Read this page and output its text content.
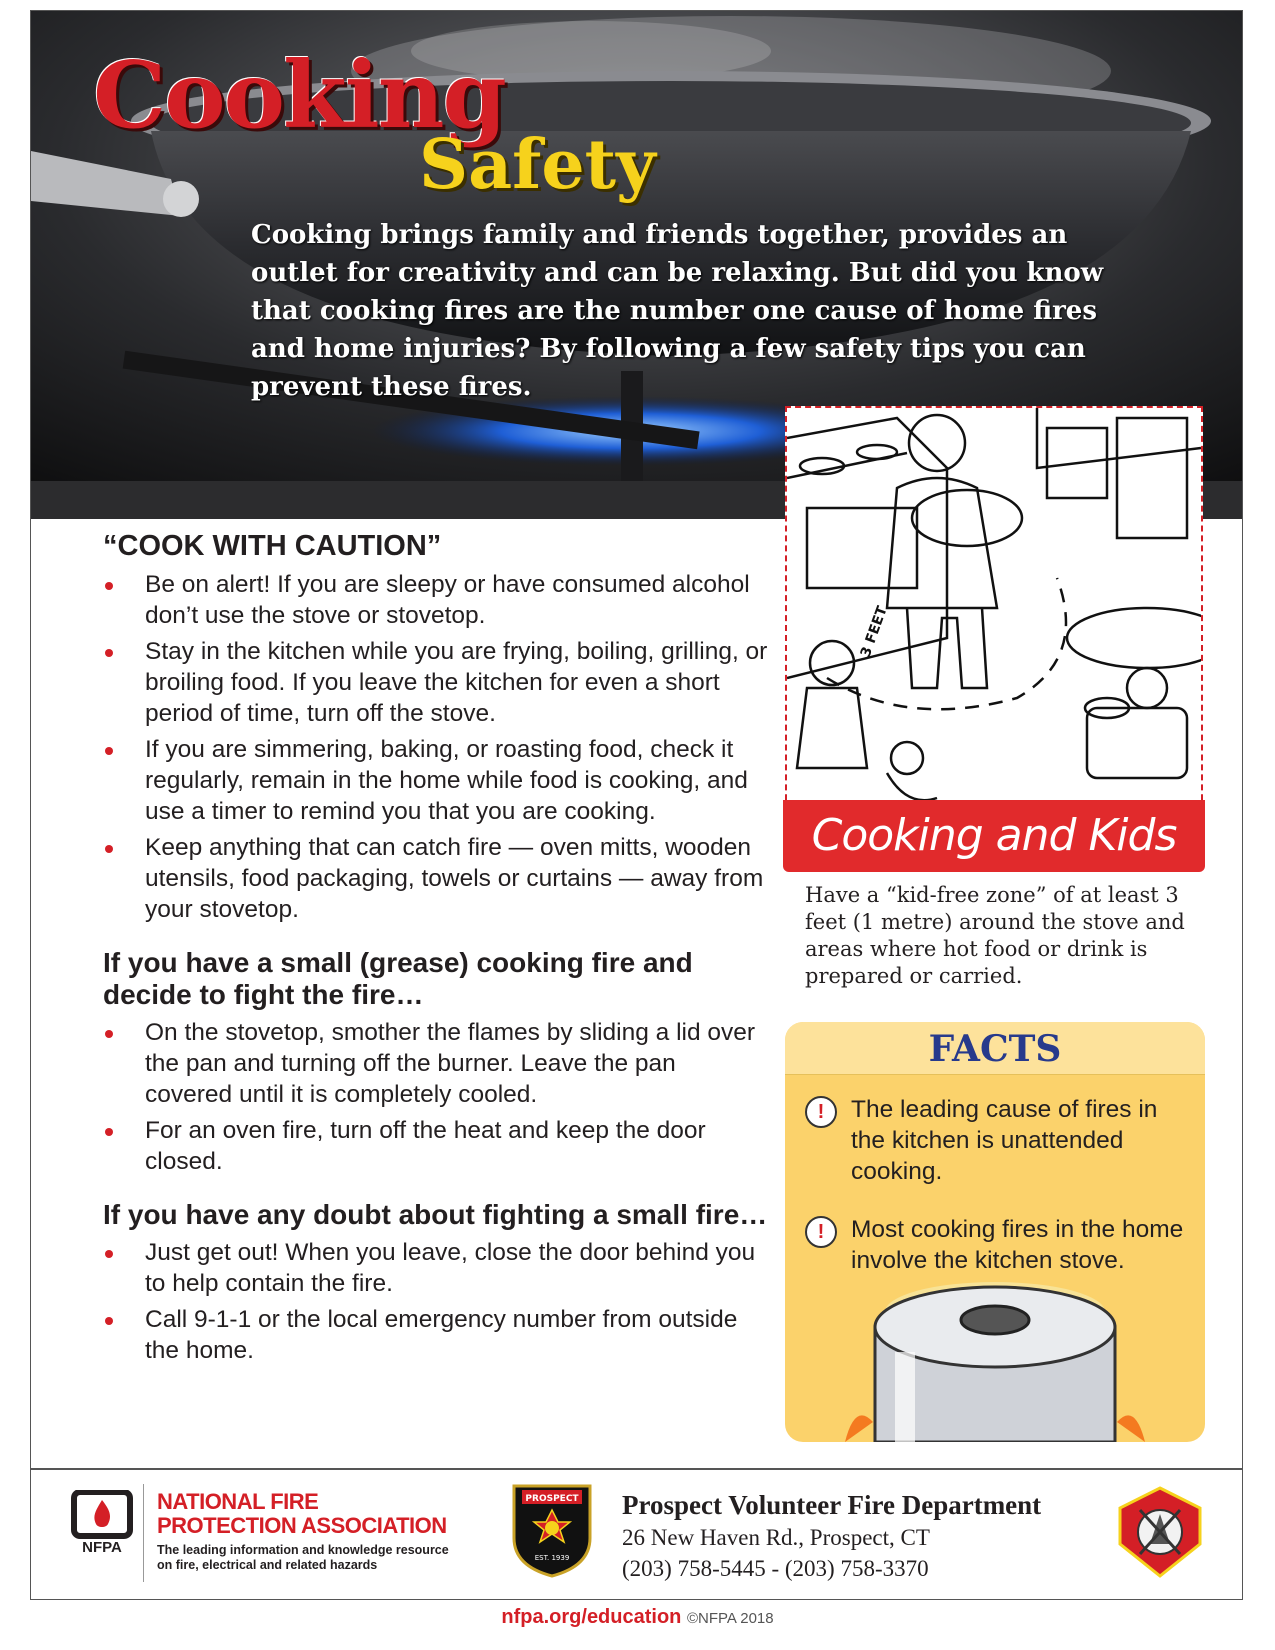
Cooking
Safety
Cooking brings family and friends together, provides an outlet for creativity and can be relaxing. But did you know that cooking fires are the number one cause of home fires and home injuries? By following a few safety tips you can prevent these fires.
“COOK WITH CAUTION”
Be on alert! If you are sleepy or have consumed alcohol don’t use the stove or stovetop.
Stay in the kitchen while you are frying, boiling, grilling, or broiling food. If you leave the kitchen for even a short period of time, turn off the stove.
If you are simmering, baking, or roasting food, check it regularly, remain in the home while food is cooking, and use a timer to remind you that you are cooking.
Keep anything that can catch fire — oven mitts, wooden utensils, food packaging, towels or curtains — away from your stovetop.
If you have a small (grease) cooking fire and decide to fight the fire…
On the stovetop, smother the flames by sliding a lid over the pan and turning off the burner. Leave the pan covered until it is completely cooled.
For an oven fire, turn off the heat and keep the door closed.
If you have any doubt about fighting a small fire…
Just get out! When you leave, close the door behind you to help contain the fire.
Call 9-1-1 or the local emergency number from outside the home.
3 FEET
Cooking and Kids
Have a “kid-free zone” of at least 3 feet (1 metre) around the stove and areas where hot food or drink is prepared or carried.
FACTS
!	The leading cause of fires in the kitchen is unattended cooking.
!	Most cooking fires in the home involve the kitchen stove.
NFPA
NATIONAL FIRE
PROTECTION ASSOCIATION
The leading information and knowledge resource on fire, electrical and related hazards
PROSPECT
EST. 1939
Prospect Volunteer Fire Department
26 New Haven Rd., Prospect, CT
(203) 758-5445 - (203) 758-3370
nfpa.org/education ©NFPA 2018
